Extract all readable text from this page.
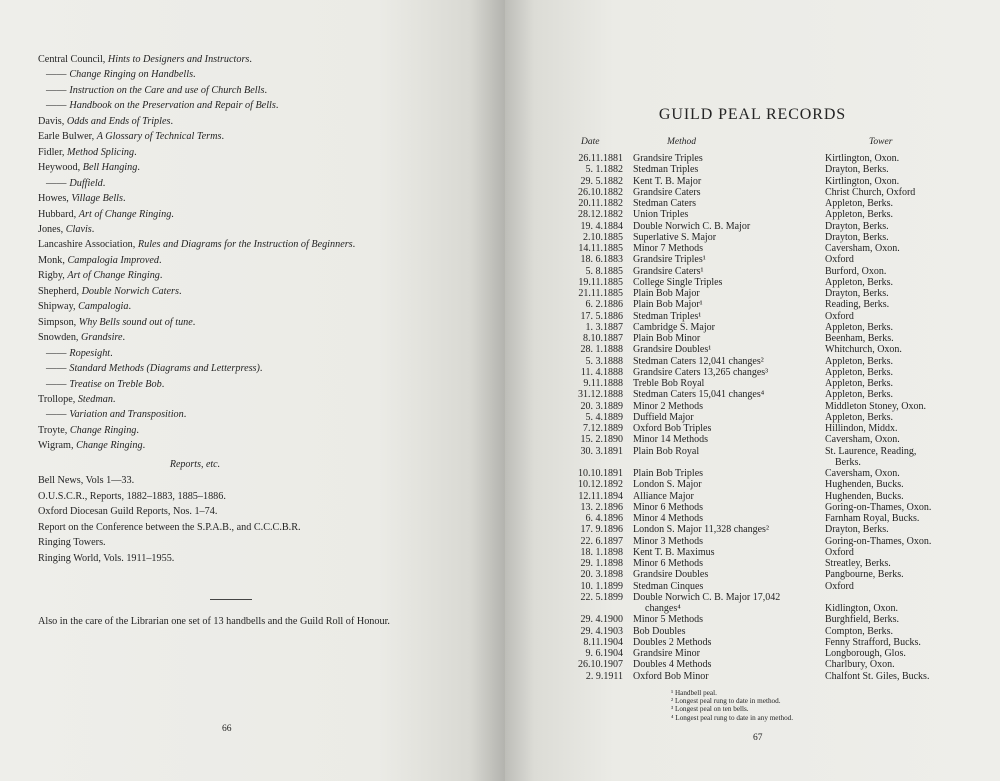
Central Council, Hints to Designers and Instructors.
—— Change Ringing on Handbells.
—— Instruction on the Care and use of Church Bells.
—— Handbook on the Preservation and Repair of Bells.
Davis, Odds and Ends of Triples.
Earle Bulwer, A Glossary of Technical Terms.
Fidler, Method Splicing.
Heywood, Bell Hanging.
—— Duffield.
Howes, Village Bells.
Hubbard, Art of Change Ringing.
Jones, Clavis.
Lancashire Association, Rules and Diagrams for the Instruction of Beginners.
Monk, Campalogia Improved.
Rigby, Art of Change Ringing.
Shepherd, Double Norwich Caters.
Shipway, Campalogia.
Simpson, Why Bells sound out of tune.
Snowden, Grandsire.
—— Ropesight.
—— Standard Methods (Diagrams and Letterpress).
—— Treatise on Treble Bob.
Trollope, Stedman.
—— Variation and Transposition.
Troyte, Change Ringing.
Wigram, Change Ringing.
Reports, etc.
Bell News, Vols 1—33.
O.U.S.C.R., Reports, 1882–1883, 1885–1886.
Oxford Diocesan Guild Reports, Nos. 1–74.
Report on the Conference between the S.P.A.B., and C.C.C.B.R.
Ringing Towers.
Ringing World, Vols. 1911–1955.
Also in the care of the Librarian one set of 13 handbells and the Guild Roll of Honour.
66
GUILD PEAL RECORDS
Date	Method	Tower
26.11.1881 Grandsire Triples	Kirtlington, Oxon.
5. 1.1882 Stedman Triples	Drayton, Berks.
29. 5.1882 Kent T. B. Major	Kirtlington, Oxon.
26.10.1882 Grandsire Caters	Christ Church, Oxford
20.11.1882 Stedman Caters	Appleton, Berks.
28.12.1882 Union Triples	Appleton, Berks.
19. 4.1884 Double Norwich C. B. Major	Drayton, Berks.
2.10.1885 Superlative S. Major	Drayton, Berks.
14.11.1885 Minor 7 Methods	Caversham, Oxon.
18. 6.1883 Grandsire Triples¹	Oxford
5. 8.1885 Grandsire Caters¹	Burford, Oxon.
19.11.1885 College Single Triples	Appleton, Berks.
21.11.1885 Plain Bob Major	Drayton, Berks.
6. 2.1886 Plain Bob Major¹	Reading, Berks.
17. 5.1886 Stedman Triples¹	Oxford
1. 3.1887 Cambridge S. Major	Appleton, Berks.
8.10.1887 Plain Bob Minor	Beenham, Berks.
28. 1.1888 Grandsire Doubles¹	Whitchurch, Oxon.
5. 3.1888 Stedman Caters 12,041 changes²	Appleton, Berks.
11. 4.1888 Grandsire Caters 13,265 changes³	Appleton, Berks.
9.11.1888 Treble Bob Royal	Appleton, Berks.
31.12.1888 Stedman Caters 15,041 changes⁴	Appleton, Berks.
20. 3.1889 Minor 2 Methods	Middleton Stoney, Oxon.
5. 4.1889 Duffield Major	Appleton, Berks.
7.12.1889 Oxford Bob Triples	Hillindon, Middx.
15. 2.1890 Minor 14 Methods	Caversham, Oxon.
30. 3.1891 Plain Bob Royal	St. Laurence, Reading,
Berks.
10.10.1891 Plain Bob Triples	Caversham, Oxon.
10.12.1892 London S. Major	Hughenden, Bucks.
12.11.1894 Alliance Major	Hughenden, Bucks.
13. 2.1896 Minor 6 Methods	Goring-on-Thames, Oxon.
6. 4.1896 Minor 4 Methods	Farnham Royal, Bucks.
17. 9.1896 London S. Major 11,328 changes²	Drayton, Berks.
22. 6.1897 Minor 3 Methods	Goring-on-Thames, Oxon.
18. 1.1898 Kent T. B. Maximus	Oxford
29. 1.1898 Minor 6 Methods	Streatley, Berks.
20. 3.1898 Grandsire Doubles	Pangbourne, Berks.
10. 1.1899 Stedman Cinques	Oxford
22. 5.1899 Double Norwich C. B. Major 17,042
changes⁴	Kidlington, Oxon.
29. 4.1900 Minor 5 Methods	Burghfield, Berks.
29. 4.1903 Bob Doubles	Compton, Berks.
8.11.1904 Doubles 2 Methods	Fenny Strafford, Bucks.
9. 6.1904 Grandsire Minor	Longborough, Glos.
26.10.1907 Doubles 4 Methods	Charlbury, Oxon.
2. 9.1911 Oxford Bob Minor	Chalfont St. Giles, Bucks.
¹ Handbell peal.
² Longest peal rung to date in method.
³ Longest peal on ten bells.
⁴ Longest peal rung to date in any method.
67
